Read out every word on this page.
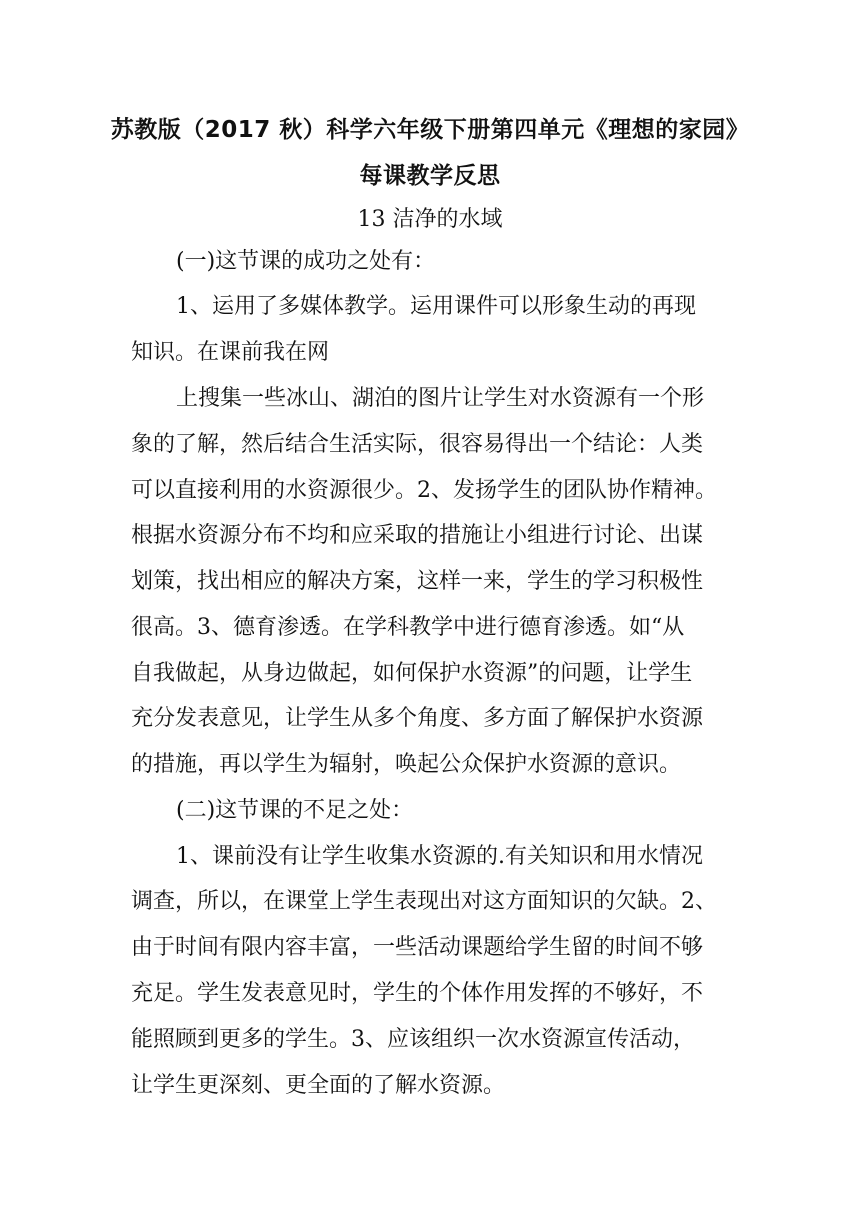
苏教版（2017 秋）科学六年级下册第四单元《理想的家园》
每课教学反思
13 洁净的水域
(一)这节课的成功之处有：
1、运用了多媒体教学。运用课件可以形象生动的再现
知识。在课前我在网
上搜集一些冰山、湖泊的图片让学生对水资源有一个形
象的了解，然后结合生活实际，很容易得出一个结论：人类
可以直接利用的水资源很少。2、发扬学生的团队协作精神。
根据水资源分布不均和应采取的措施让小组进行讨论、出谋
划策，找出相应的解决方案，这样一来，学生的学习积极性
很高。3、德育渗透。在学科教学中进行德育渗透。如“从
自我做起，从身边做起，如何保护水资源”的问题，让学生
充分发表意见，让学生从多个角度、多方面了解保护水资源
的措施，再以学生为辐射，唤起公众保护水资源的意识。
(二)这节课的不足之处：
1、课前没有让学生收集水资源的.有关知识和用水情况
调查，所以，在课堂上学生表现出对这方面知识的欠缺。2、
由于时间有限内容丰富，一些活动课题给学生留的时间不够
充足。学生发表意见时，学生的个体作用发挥的不够好，不
能照顾到更多的学生。3、应该组织一次水资源宣传活动，
让学生更深刻、更全面的了解水资源。
